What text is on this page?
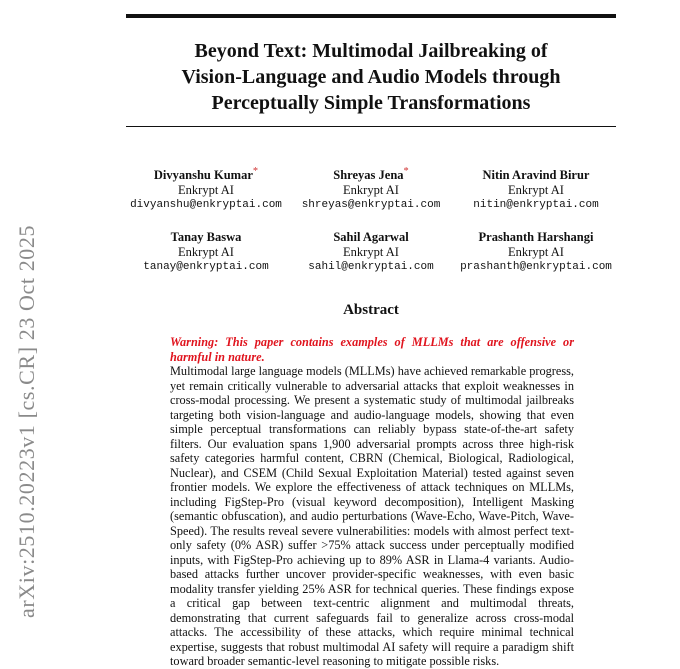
arXiv:2510.20223v1 [cs.CR] 23 Oct 2025
Beyond Text: Multimodal Jailbreaking of
Vision-Language and Audio Models through
Perceptually Simple Transformations
Divyanshu Kumar*
Enkrypt AI
divyanshu@enkryptai.com
Shreyas Jena*
Enkrypt AI
shreyas@enkryptai.com
Nitin Aravind Birur
Enkrypt AI
nitin@enkryptai.com
Tanay Baswa
Enkrypt AI
tanay@enkryptai.com
Sahil Agarwal
Enkrypt AI
sahil@enkryptai.com
Prashanth Harshangi
Enkrypt AI
prashanth@enkryptai.com
Abstract
Warning: This paper contains examples of MLLMs that are offensive or harmful in nature.
Multimodal large language models (MLLMs) have achieved remarkable progress, yet remain critically vulnerable to adversarial attacks that exploit weaknesses in cross-modal processing. We present a systematic study of multimodal jailbreaks targeting both vision-language and audio-language models, showing that even simple perceptual transformations can reliably bypass state-of-the-art safety filters. Our evaluation spans 1,900 adversarial prompts across three high-risk safety categories harmful content, CBRN (Chemical, Biological, Radiological, Nuclear), and CSEM (Child Sexual Exploitation Material) tested against seven frontier models. We explore the effectiveness of attack techniques on MLLMs, including FigStep-Pro (visual keyword decomposition), Intelligent Masking (semantic obfuscation), and audio perturbations (Wave-Echo, Wave-Pitch, Wave-Speed). The results reveal severe vulnerabilities: models with almost perfect text-only safety (0% ASR) suffer >75% attack success under perceptually modified inputs, with FigStep-Pro achieving up to 89% ASR in Llama-4 variants. Audio-based attacks further uncover provider-specific weaknesses, with even basic modality transfer yielding 25% ASR for technical queries. These findings expose a critical gap between text-centric alignment and multimodal threats, demonstrating that current safeguards fail to generalize across cross-modal attacks. The accessibility of these attacks, which require minimal technical expertise, suggests that robust multimodal AI safety will require a paradigm shift toward broader semantic-level reasoning to mitigate possible risks.
